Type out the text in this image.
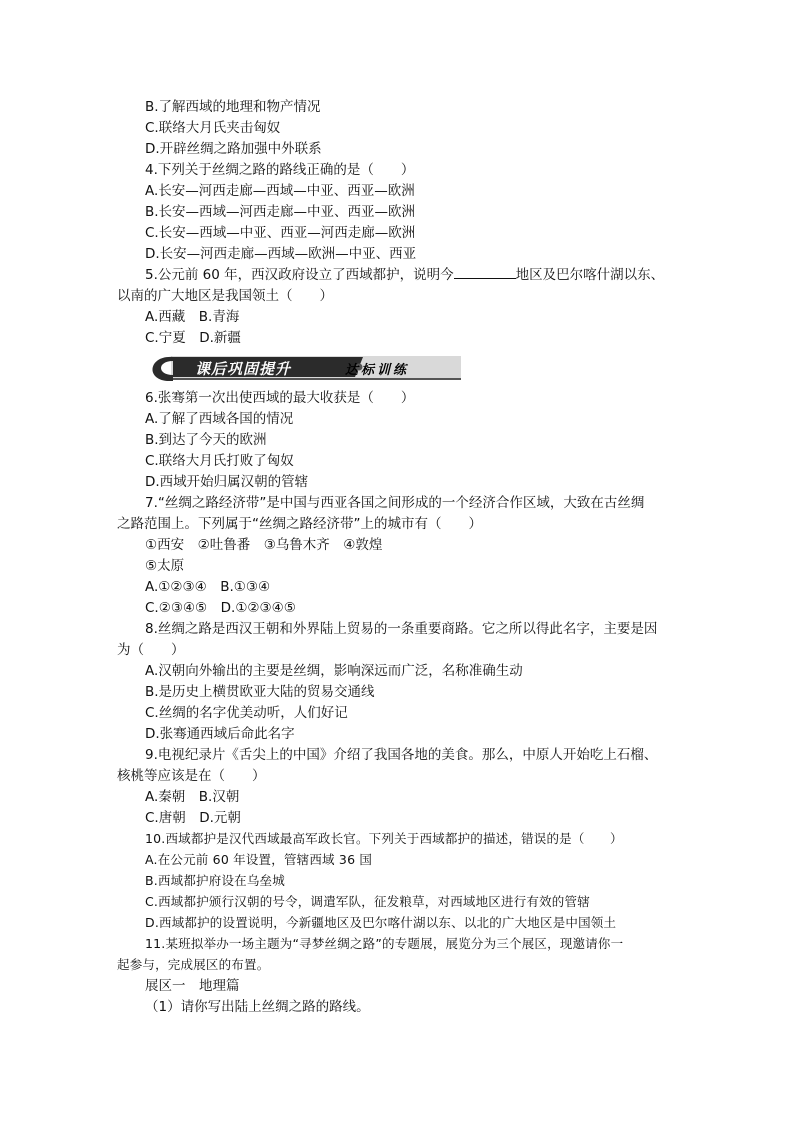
B.了解西域的地理和物产情况
C.联络大月氏夹击匈奴
D.开辟丝绸之路加强中外联系
4.下列关于丝绸之路的路线正确的是（　　）
A.长安—河西走廊—西域—中亚、西亚—欧洲
B.长安—西域—河西走廊—中亚、西亚—欧洲
C.长安—西域—中亚、西亚—河西走廊—欧洲
D.长安—河西走廊—西域—欧洲—中亚、西亚
5.公元前 60 年，西汉政府设立了西域都护，说明今	地区及巴尔喀什湖以东、
以南的广大地区是我国领土（　　）
A.西藏　B.青海
C.宁夏　D.新疆
课后巩固提升	达标训练
6.张骞第一次出使西域的最大收获是（　　）
A.了解了西域各国的情况
B.到达了今天的欧洲
C.联络大月氏打败了匈奴
D.西域开始归属汉朝的管辖
7.“丝绸之路经济带”是中国与西亚各国之间形成的一个经济合作区域，大致在古丝绸
之路范围上。下列属于“丝绸之路经济带”上的城市有（　　）
①西安　②吐鲁番　③乌鲁木齐　④敦煌
⑤太原
A.①②③④　B.①③④
C.②③④⑤　D.①②③④⑤
8.丝绸之路是西汉王朝和外界陆上贸易的一条重要商路。它之所以得此名字，主要是因
为（　　）
A.汉朝向外输出的主要是丝绸，影响深远而广泛，名称准确生动
B.是历史上横贯欧亚大陆的贸易交通线
C.丝绸的名字优美动听，人们好记
D.张骞通西域后命此名字
9.电视纪录片《舌尖上的中国》介绍了我国各地的美食。那么，中原人开始吃上石榴、
核桃等应该是在（　　）
A.秦朝　B.汉朝
C.唐朝　D.元朝
10.西域都护是汉代西域最高军政长官。下列关于西域都护的描述，错误的是（　　）
A.在公元前 60 年设置，管辖西域 36 国
B.西域都护府设在乌垒城
C.西域都护颁行汉朝的号令，调遣军队，征发粮草，对西域地区进行有效的管辖
D.西域都护的设置说明，今新疆地区及巴尔喀什湖以东、以北的广大地区是中国领土
11.某班拟举办一场主题为“寻梦丝绸之路”的专题展，展览分为三个展区，现邀请你一
起参与，完成展区的布置。
展区一　地理篇
（1）请你写出陆上丝绸之路的路线。
